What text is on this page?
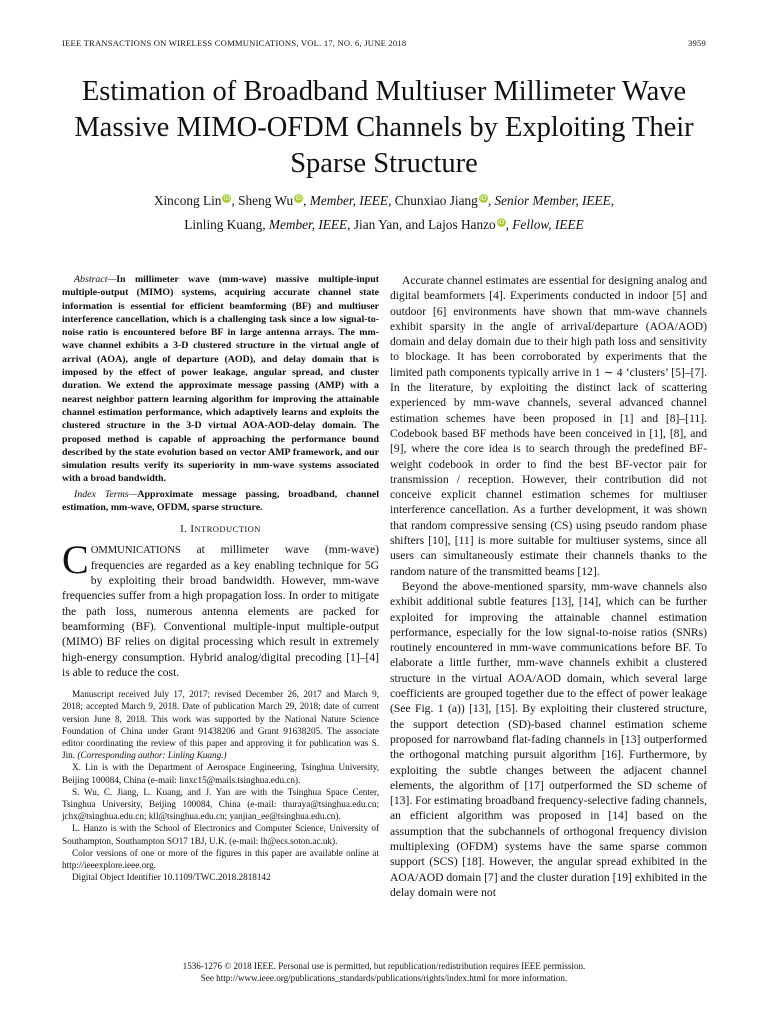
IEEE TRANSACTIONS ON WIRELESS COMMUNICATIONS, VOL. 17, NO. 6, JUNE 2018	3959
Estimation of Broadband Multiuser Millimeter Wave Massive MIMO-OFDM Channels by Exploiting Their Sparse Structure
Xincong Lin iD, Sheng Wu iD, Member, IEEE, Chunxiao Jiang iD, Senior Member, IEEE,
Linling Kuang, Member, IEEE, Jian Yan, and Lajos Hanzo iD, Fellow, IEEE

Abstract—In millimeter wave (mm-wave) massive multiple-input multiple-output (MIMO) systems, acquiring accurate channel state information is essential for efficient beamforming (BF) and multiuser interference cancellation, which is a challenging task since a low signal-to-noise ratio is encountered before BF in large antenna arrays. The mm-wave channel exhibits a 3-D clustered structure in the virtual angle of arrival (AOA), angle of departure (AOD), and delay domain that is imposed by the effect of power leakage, angular spread, and cluster duration. We extend the approximate message passing (AMP) with a nearest neighbor pattern learning algorithm for improving the attainable channel estimation performance, which adaptively learns and exploits the clustered structure in the 3-D virtual AOA-AOD-delay domain. The proposed method is capable of approaching the performance bound described by the state evolution based on vector AMP framework, and our simulation results verify its superiority in mm-wave systems associated with a broad bandwidth.

Index Terms—Approximate message passing, broadband, channel estimation, mm-wave, OFDM, sparse structure.

I. INTRODUCTION

COMMUNICATIONS at millimeter wave (mm-wave) frequencies are regarded as a key enabling technique for 5G by exploiting their broad bandwidth. However, mm-wave frequencies suffer from a high propagation loss. In order to mitigate the path loss, numerous antenna elements are packed for beamforming (BF). Conventional multiple-input multiple-output (MIMO) BF relies on digital processing which result in extremely high-energy consumption. Hybrid analog/digital precoding [1]–[4] is able to reduce the cost.

Manuscript received July 17, 2017; revised December 26, 2017 and March 9, 2018; accepted March 9, 2018. Date of publication March 29, 2018; date of current version June 8, 2018. This work was supported by the National Nature Science Foundation of China under Grant 91438206 and Grant 91638205. The associate editor coordinating the review of this paper and approving it for publication was S. Jin. (Corresponding author: Linling Kuang.)

X. Lin is with the Department of Aerospace Engineering, Tsinghua University, Beijing 100084, China (e-mail: linxc15@mails.tsinghua.edu.cn).

S. Wu, C. Jiang, L. Kuang, and J. Yan are with the Tsinghua Space Center, Tsinghua University, Beijing 100084, China (e-mail: thuraya@tsinghua.edu.cn; jchx@tsinghua.edu.cn; kll@tsinghua.edu.cn; yanjian_ee@tsinghua.edu.cn).

L. Hanzo is with the School of Electronics and Computer Science, University of Southampton, Southampton SO17 1BJ, U.K. (e-mail: lh@ecs.soton.ac.uk).

Color versions of one or more of the figures in this paper are available online at http://ieeexplore.ieee.org.

Digital Object Identifier 10.1109/TWC.2018.2818142

Accurate channel estimates are essential for designing analog and digital beamformers [4]. Experiments conducted in indoor [5] and outdoor [6] environments have shown that mm-wave channels exhibit sparsity in the angle of arrival/departure (AOA/AOD) domain and delay domain due to their high path loss and sensitivity to blockage. It has been corroborated by experiments that the limited path components typically arrive in 1 ∼ 4 ‘clusters’ [5]–[7]. In the literature, by exploiting the distinct lack of scattering experienced by mm-wave channels, several advanced channel estimation schemes have been proposed in [1] and [8]–[11]. Codebook based BF methods have been conceived in [1], [8], and [9], where the core idea is to search through the predefined BF-weight codebook in order to find the best BF-vector pair for transmission / reception. However, their contribution did not conceive explicit channel estimation schemes for multiuser interference cancellation. As a further development, it was shown that random compressive sensing (CS) using pseudo random phase shifters [10], [11] is more suitable for multiuser systems, since all users can simultaneously estimate their channels thanks to the random nature of the transmitted beams [12].

Beyond the above-mentioned sparsity, mm-wave channels also exhibit additional subtle features [13], [14], which can be further exploited for improving the attainable channel estimation performance, especially for the low signal-to-noise ratios (SNRs) routinely encountered in mm-wave communications before BF. To elaborate a little further, mm-wave channels exhibit a clustered structure in the virtual AOA/AOD domain, which several large coefficients are grouped together due to the effect of power leakage (See Fig. 1 (a)) [13], [15]. By exploiting their clustered structure, the support detection (SD)-based channel estimation scheme proposed for narrowband flat-fading channels in [13] outperformed the orthogonal matching pursuit algorithm [16]. Furthermore, by exploiting the subtle changes between the adjacent channel elements, the algorithm of [17] outperformed the SD scheme of [13]. For estimating broadband frequency-selective fading channels, an efficient algorithm was proposed in [14] based on the assumption that the subchannels of orthogonal frequency division multiplexing (OFDM) systems have the same sparse common support (SCS) [18]. However, the angular spread exhibited in the AOA/AOD domain [7] and the cluster duration [19] exhibited in the delay domain were not

1536-1276 © 2018 IEEE. Personal use is permitted, but republication/redistribution requires IEEE permission.
See http://www.ieee.org/publications_standards/publications/rights/index.html for more information.
